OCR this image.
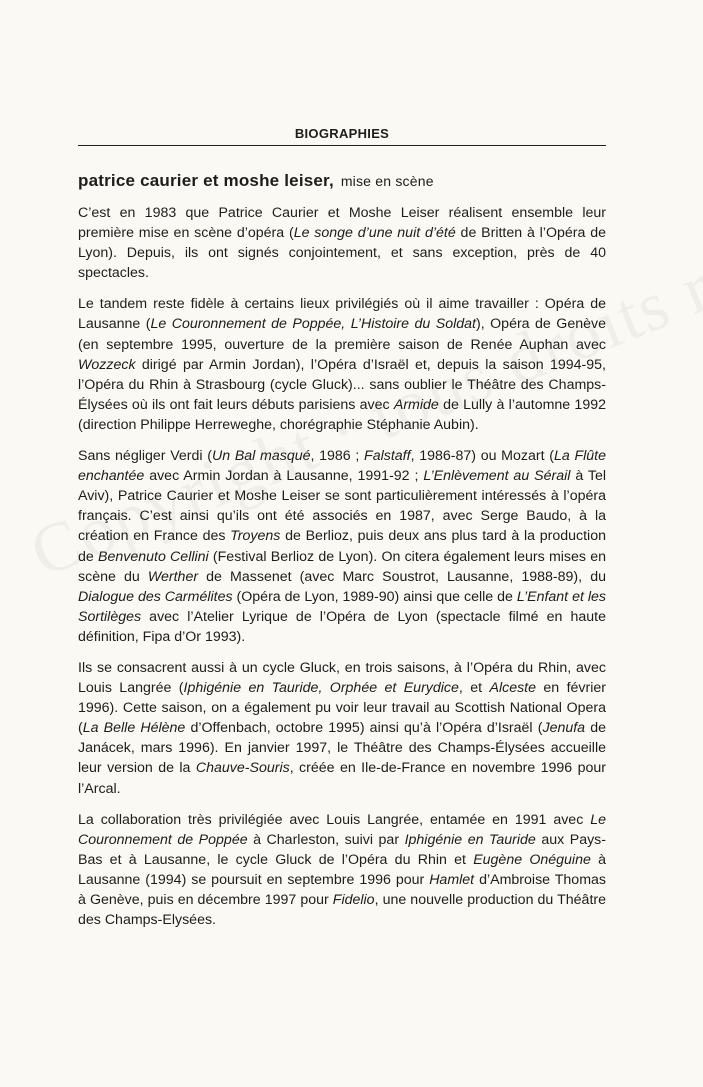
BIOGRAPHIES
patrice caurier et moshe leiser, mise en scène

C’est en 1983 que Patrice Caurier et Moshe Leiser réalisent ensemble leur première mise en scène d’opéra (Le songe d’une nuit d’été de Britten à l’Opéra de Lyon). Depuis, ils ont signés conjointement, et sans exception, près de 40 spectacles.

Le tandem reste fidèle à certains lieux privilégiés où il aime travailler : Opéra de Lausanne (Le Couronnement de Poppée, L’Histoire du Soldat), Opéra de Genève (en septembre 1995, ouverture de la première saison de Renée Auphan avec Wozzeck dirigé par Armin Jordan), l’Opéra d’Israël et, depuis la saison 1994-95, l’Opéra du Rhin à Strasbourg (cycle Gluck)... sans oublier le Théâtre des Champs-Élysées où ils ont fait leurs débuts parisiens avec Armide de Lully à l’automne 1992 (direction Philippe Herreweghe, chorégraphie Stéphanie Aubin).

Sans négliger Verdi (Un Bal masqué, 1986 ; Falstaff, 1986-87) ou Mozart (La Flûte enchantée avec Armin Jordan à Lausanne, 1991-92 ; L’Enlèvement au Sérail à Tel Aviv), Patrice Caurier et Moshe Leiser se sont particulièrement intéressés à l’opéra français. C’est ainsi qu’ils ont été associés en 1987, avec Serge Baudo, à la création en France des Troyens de Berlioz, puis deux ans plus tard à la production de Benvenuto Cellini (Festival Berlioz de Lyon). On citera également leurs mises en scène du Werther de Massenet (avec Marc Soustrot, Lausanne, 1988-89), du Dialogue des Carmélites (Opéra de Lyon, 1989-90) ainsi que celle de L’Enfant et les Sortilèges avec l’Atelier Lyrique de l’Opéra de Lyon (spectacle filmé en haute définition, Fipa d’Or 1993).

Ils se consacrent aussi à un cycle Gluck, en trois saisons, à l’Opéra du Rhin, avec Louis Langrée (Iphigénie en Tauride, Orphée et Eurydice, et Alceste en février 1996). Cette saison, on a également pu voir leur travail au Scottish National Opera (La Belle Hélène d’Offenbach, octobre 1995) ainsi qu’à l’Opéra d’Israël (Jenufa de Janácek, mars 1996). En janvier 1997, le Théâtre des Champs-Élysées accueille leur version de la Chauve-Souris, créée en Ile-de-France en novembre 1996 pour l’Arcal.

La collaboration très privilégiée avec Louis Langrée, entamée en 1991 avec Le Couronnement de Poppée à Charleston, suivi par Iphigénie en Tauride aux Pays-Bas et à Lausanne, le cycle Gluck de l’Opéra du Rhin et Eugène Onéguine à Lausanne (1994) se poursuit en septembre 1996 pour Hamlet d’Ambroise Thomas à Genève, puis en décembre 1997 pour Fidelio, une nouvelle production du Théâtre des Champs-Elysées.
